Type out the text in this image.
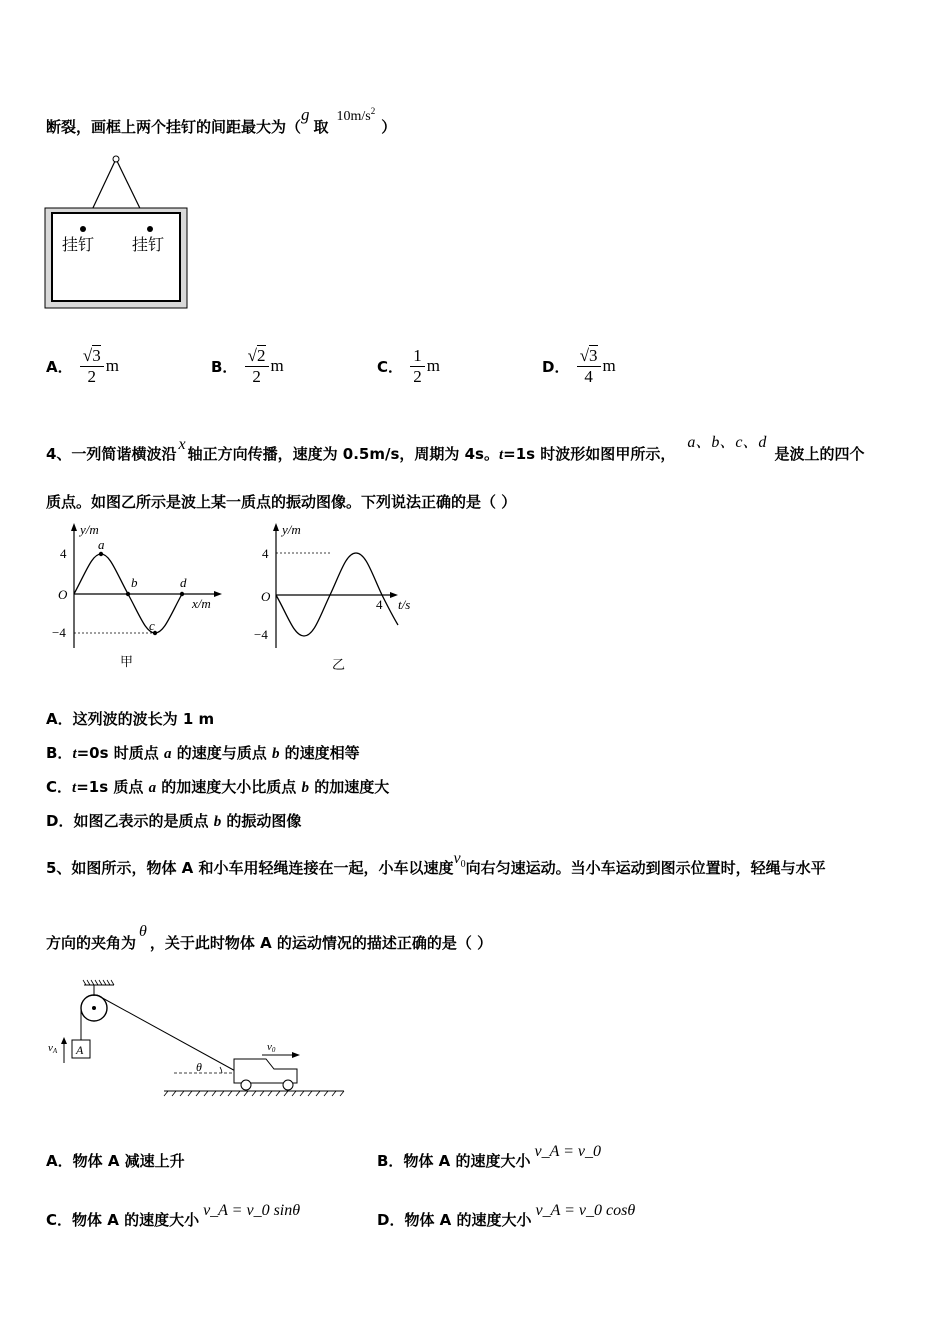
断裂，画框上两个挂钉的间距最大为（g取$10m/s^2$）
挂钉 挂钉
A． $\frac{√3}{2}$ m	B． $\frac{√2}{2}$ m	C． $\frac{1}{2}$ m	D． $\frac{√3}{4}$ m
4、一列简谐横波沿x轴正方向传播，速度为 0.5m/s，周期为 4s。t=1s 时波形如图甲所示，a、b、c、d是波上的四个
质点。如图乙所示是波上某一质点的振动图像。下列说法正确的是（ ）
y/m
4
−4
O
a
b
c
d
x/m
甲
y/m
4
−4
O
4 t/s
乙
A．这列波的波长为 1 m
B．t=0s 时质点 a 的速度与质点 b 的速度相等
C．t=1s 质点 a 的加速度大小比质点 b 的加速度大
D．如图乙表示的是质点 b 的振动图像
5、如图所示，物体 A 和小车用轻绳连接在一起，小车以速度$v^0$向右匀速运动。当小车运动到图示位置时，轻绳与水平
方向的夹角为θ，关于此时物体 A 的运动情况的描述正确的是（ ）
A
vA
θ
v0
A．物体 A 减速上升	B．物体 A 的速度大小v_A = v_0
C．物体 A 的速度大小v_A = v_0 sinθ
D．物体 A 的速度大小v_A = v_0 cosθ
